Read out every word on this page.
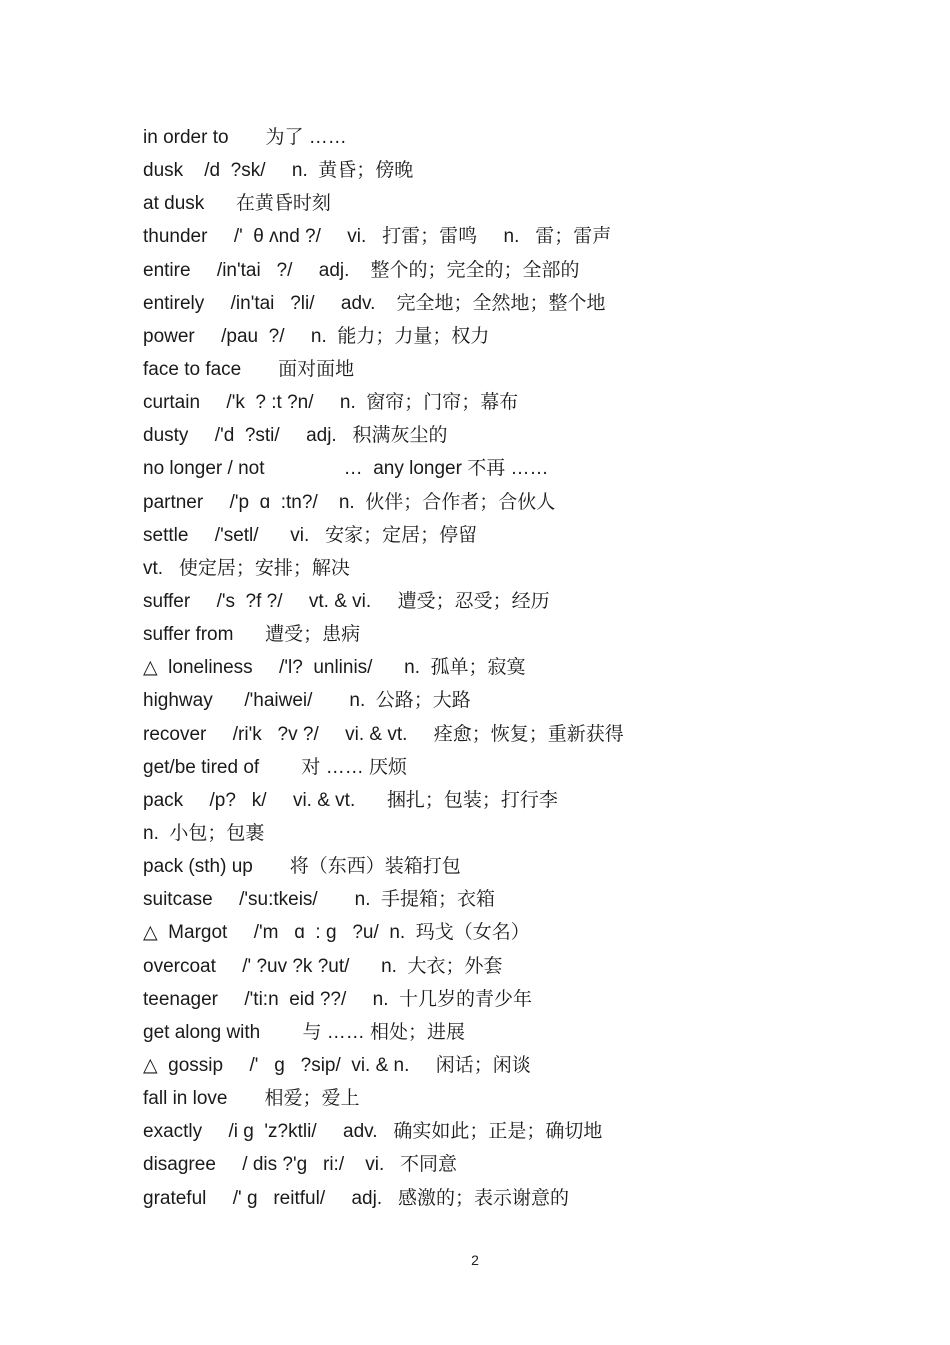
in order to       为了 ……
dusk    /d  ?sk/     n.  黄昏；傍晚
at dusk      在黄昏时刻
thunder     /'  θ ʌnd ?/     vi.   打雷；雷鸣     n.   雷；雷声
entire     /in'tai   ?/     adj.    整个的；完全的；全部的
entirely     /in'tai   ?li/     adv.    完全地；全然地；整个地
power     /pau  ?/     n.  能力；力量；权力
face to face       面对面地
curtain     /'k  ? :t ?n/     n.  窗帘；门帘；幕布
dusty     /'d  ?sti/     adj.   积满灰尘的
no longer / not               …  any longer 不再 ……
partner     /'p  ɑ  :tn?/    n.  伙伴；合作者；合伙人
settle     /'setl/      vi.   安家；定居；停留
vt.   使定居；安排；解决
suffer     /'s  ?f ?/     vt. & vi.     遭受；忍受；经历
suffer from      遭受；患病
△  loneliness     /'l?  unlinis/      n.  孤单；寂寞
highway      /'haiwei/       n.  公路；大路
recover     /ri'k   ?v ?/     vi. & vt.     痊愈；恢复；重新获得
get/be tired of        对 …… 厌烦
pack     /p?   k/     vi. & vt.      捆扎；包装；打行李
n.  小包；包裹
pack (sth) up       将（东西）装箱打包
suitcase     /'su:tkeis/       n.  手提箱；衣箱
△  Margot     /'m   ɑ  : ɡ   ?u/  n.  玛戈（女名）
overcoat     /' ?uv ?k ?ut/      n.  大衣；外套
teenager     /'ti:n  eid ??/     n.  十几岁的青少年
get along with        与 …… 相处；进展
△  gossip     /'   ɡ   ?sip/  vi. & n.     闲话；闲谈
fall in love       相爱；爱上
exactly     /i ɡ  'z?ktli/     adv.   确实如此；正是；确切地
disagree     / dis ?'ɡ   ri:/    vi.   不同意
grateful     /' ɡ   reitful/     adj.   感激的；表示谢意的
2
